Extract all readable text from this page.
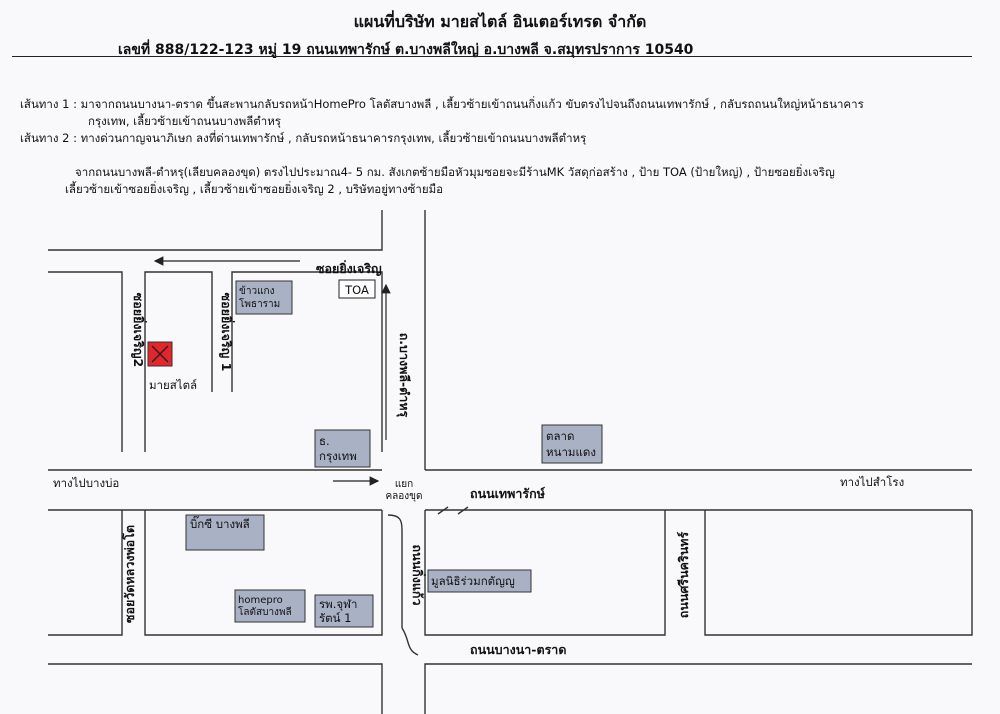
แผนที่บริษัท มายสไตล์ อินเตอร์เทรด จำกัด
เลขที่ 888/122-123 หมู่ 19 ถนนเทพารักษ์ ต.บางพลีใหญ่ อ.บางพลี จ.สมุทรปราการ 10540
เส้นทาง 1 : มาจากถนนบางนา-ตราด ขึ้นสะพานกลับรถหน้าHomePro โลตัสบางพลี , เลี้ยวซ้ายเข้าถนนกิ่งแก้ว ขับตรงไปจนถึงถนนเทพารักษ์ , กลับรถถนนใหญ่หน้าธนาคาร
กรุงเทพ, เลี้ยวซ้ายเข้าถนนบางพลีตำหรุ
เส้นทาง 2 : ทางด่วนกาญจนาภิเษก ลงที่ด่านเทพารักษ์ , กลับรถหน้าธนาคารกรุงเทพ, เลี้ยวซ้ายเข้าถนนบางพลีตำหรุ
จากถนนบางพลี-ตำหรุ(เลียบคลองขุด) ตรงไปประมาณ4- 5 กม. สังเกตซ้ายมือหัวมุมซอยจะมีร้านMK วัสดุก่อสร้าง , ป้าย TOA (ป้ายใหญ่) , ป้ายซอยยิ่งเจริญ
เลี้ยวซ้ายเข้าซอยยิ่งเจริญ , เลี้ยวซ้ายเข้าซอยยิ่งเจริญ 2 , บริษัทอยู่ทางซ้ายมือ
ซอยยิ่งเจริญ
ซอยยิ่งเจริญ2	ซอยยิ่งเจริญ 1
ถ.บางพลี-ตำหรุ
ถนนเทพารักษ์
ทางไปบางบ่อ	ทางไปสำโรง
แยก
คลองขุด
ซอยวัดหลวงพ่อโต	ถนนกิ่งแก้ว	ถนนศรีนครินทร์
ถนนบางนา-ตราด
มายสไตล์
TOA
ข้าวแกง
โพธาราม
ธ.
กรุงเทพ
ตลาด
หนามแดง
บิ๊กซี บางพลี
homepro
โลตัสบางพลี
รพ.จุฬา
รัตน์ 1
มูลนิธิร่วมกตัญญู
